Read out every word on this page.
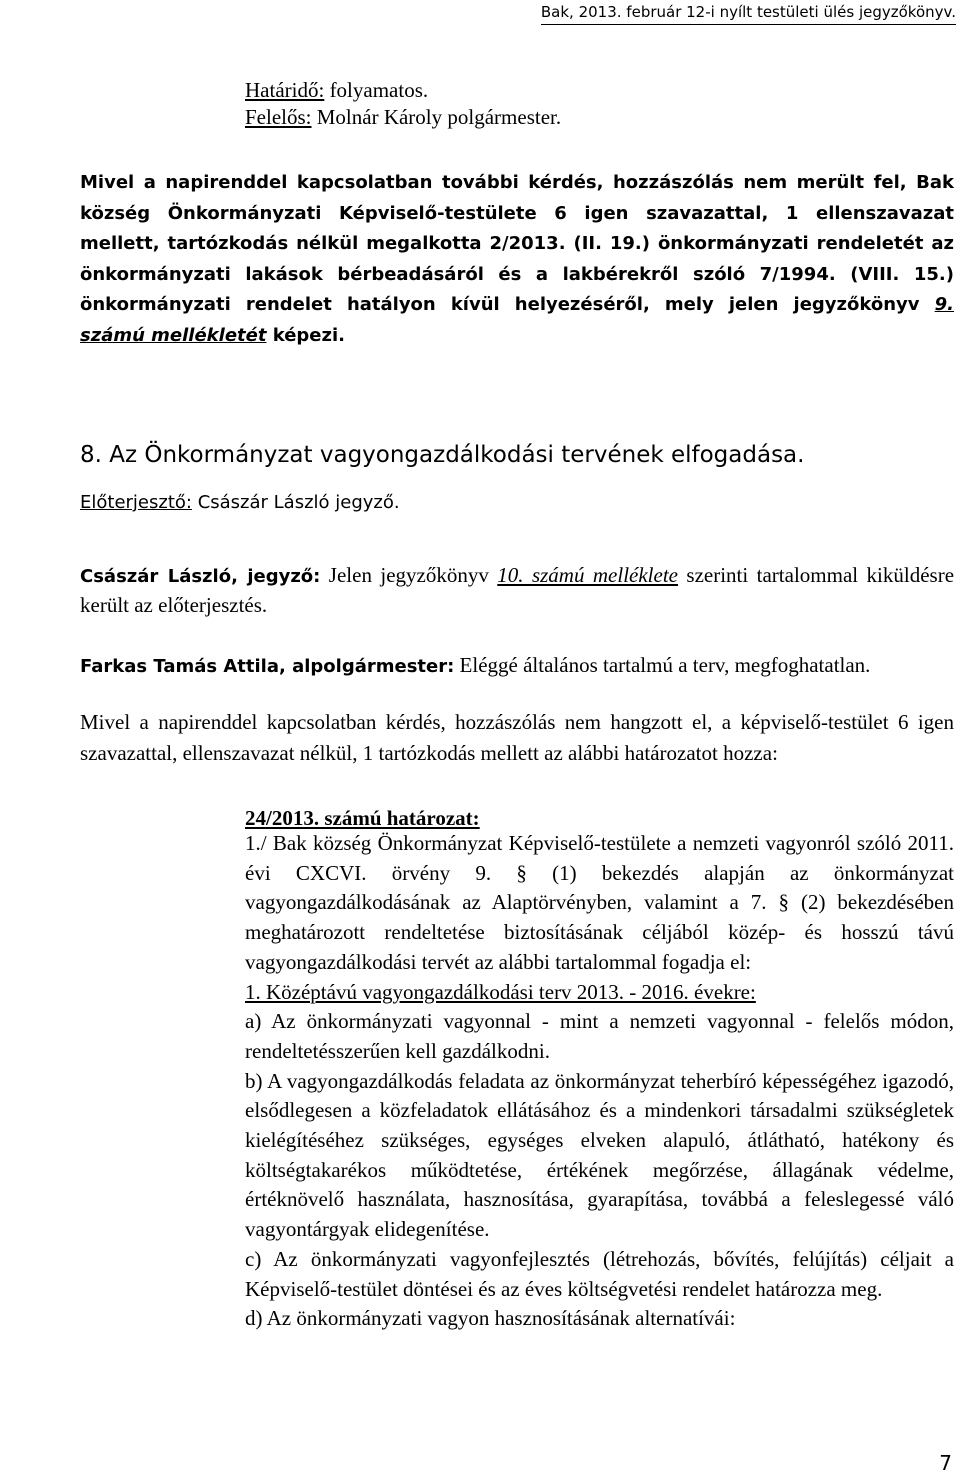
Bak, 2013. február 12-i nyílt testületi ülés jegyzőkönyv.
Határidő: folyamatos.
Felelős: Molnár Károly polgármester.
Mivel a napirenddel kapcsolatban további kérdés, hozzászólás nem merült fel, Bak község Önkormányzati Képviselő-testülete 6 igen szavazattal, 1 ellenszavazat mellett, tartózkodás nélkül megalkotta 2/2013. (II. 19.) önkormányzati rendeletét az önkormányzati lakások bérbeadásáról és a lakbérekről szóló 7/1994. (VIII. 15.) önkormányzati rendelet hatályon kívül helyezéséről, mely jelen jegyzőkönyv 9. számú mellékletét képezi.
8. Az Önkormányzat vagyongazdálkodási tervének elfogadása.
Előterjesztő: Császár László jegyző.
Császár László, jegyző: Jelen jegyzőkönyv 10. számú melléklete szerinti tartalommal kiküldésre került az előterjesztés.
Farkas Tamás Attila, alpolgármester: Eléggé általános tartalmú a terv, megfoghatatlan.
Mivel a napirenddel kapcsolatban kérdés, hozzászólás nem hangzott el, a képviselő-testület 6 igen szavazattal, ellenszavazat nélkül, 1 tartózkodás mellett az alábbi határozatot hozza:
24/2013. számú határozat:

1./ Bak község Önkormányzat Képviselő-testülete a nemzeti vagyonról szóló 2011. évi CXCVI. örvény 9. § (1) bekezdés alapján az önkormányzat vagyongazdálkodásának az Alaptörvényben, valamint a 7. § (2) bekezdésében meghatározott rendeltetése biztosításának céljából közép- és hosszú távú vagyongazdálkodási tervét az alábbi tartalommal fogadja el:

1. Középtávú vagyongazdálkodási terv 2013. - 2016. évekre:

a) Az önkormányzati vagyonnal - mint a nemzeti vagyonnal - felelős módon, rendeltetésszerűen kell gazdálkodni.

b) A vagyongazdálkodás feladata az önkormányzat teherbíró képességéhez igazodó, elsődlegesen a közfeladatok ellátásához és a mindenkori társadalmi szükségletek kielégítéséhez szükséges, egységes elveken alapuló, átlátható, hatékony és költségtakarékos működtetése, értékének megőrzése, állagának védelme, értéknövelő használata, hasznosítása, gyarapítása, továbbá a feleslegessé váló vagyontárgyak elidegenítése.

c) Az önkormányzati vagyonfejlesztés (létrehozás, bővítés, felújítás) céljait a Képviselő-testület döntései és az éves költségvetési rendelet határozza meg.

d) Az önkormányzati vagyon hasznosításának alternatívái:

7
